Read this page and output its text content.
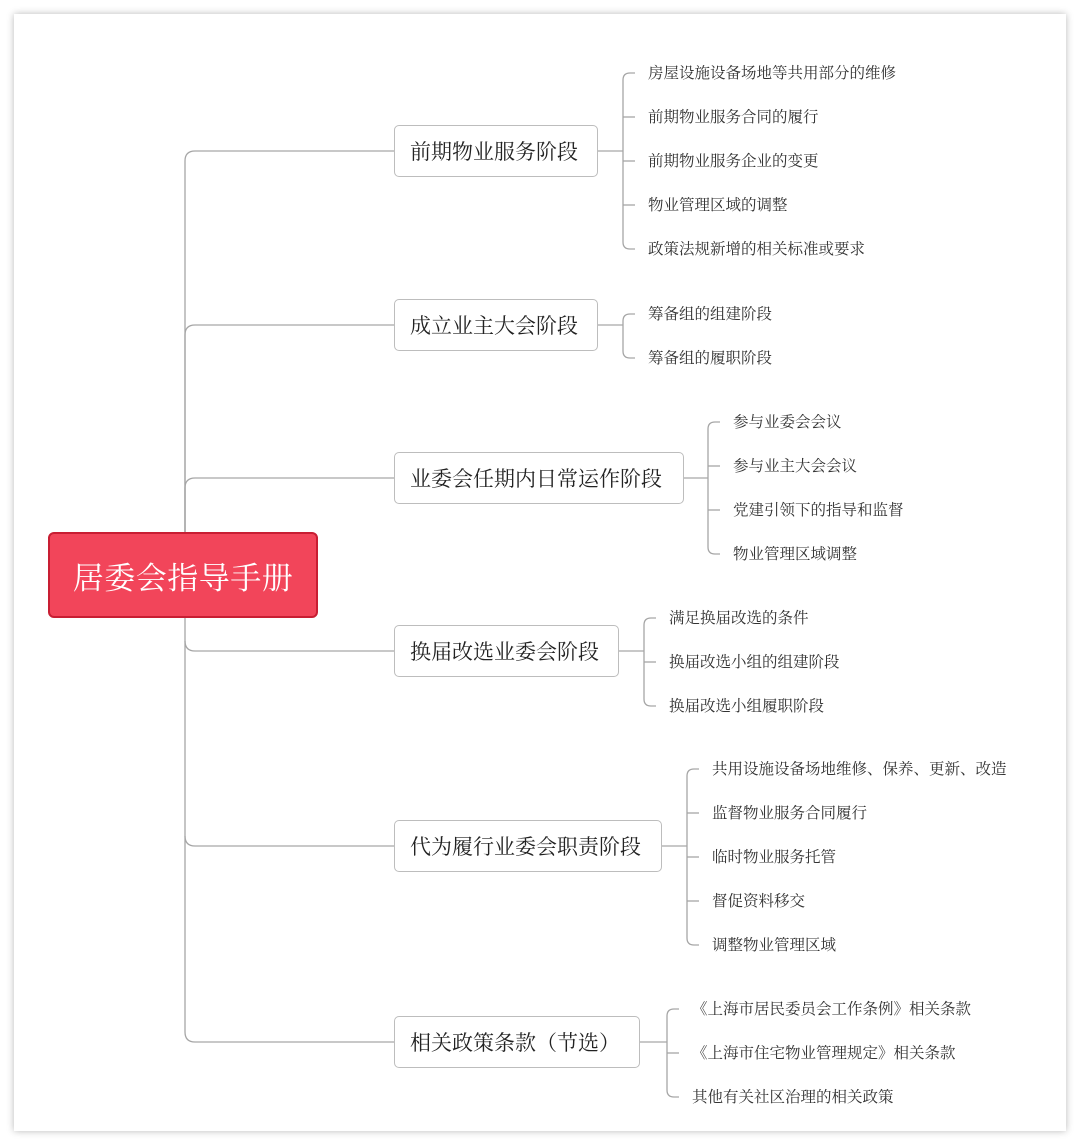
居委会指导手册
前期物业服务阶段
成立业主大会阶段
业委会任期内日常运作阶段
换届改选业委会阶段
代为履行业委会职责阶段
相关政策条款（节选）
房屋设施设备场地等共用部分的维修
前期物业服务合同的履行
前期物业服务企业的变更
物业管理区域的调整
政策法规新增的相关标准或要求
筹备组的组建阶段
筹备组的履职阶段
参与业委会会议
参与业主大会会议
党建引领下的指导和监督
物业管理区域调整
满足换届改选的条件
换届改选小组的组建阶段
换届改选小组履职阶段
共用设施设备场地维修、保养、更新、改造
监督物业服务合同履行
临时物业服务托管
督促资料移交
调整物业管理区域
《上海市居民委员会工作条例》相关条款
《上海市住宅物业管理规定》相关条款
其他有关社区治理的相关政策
